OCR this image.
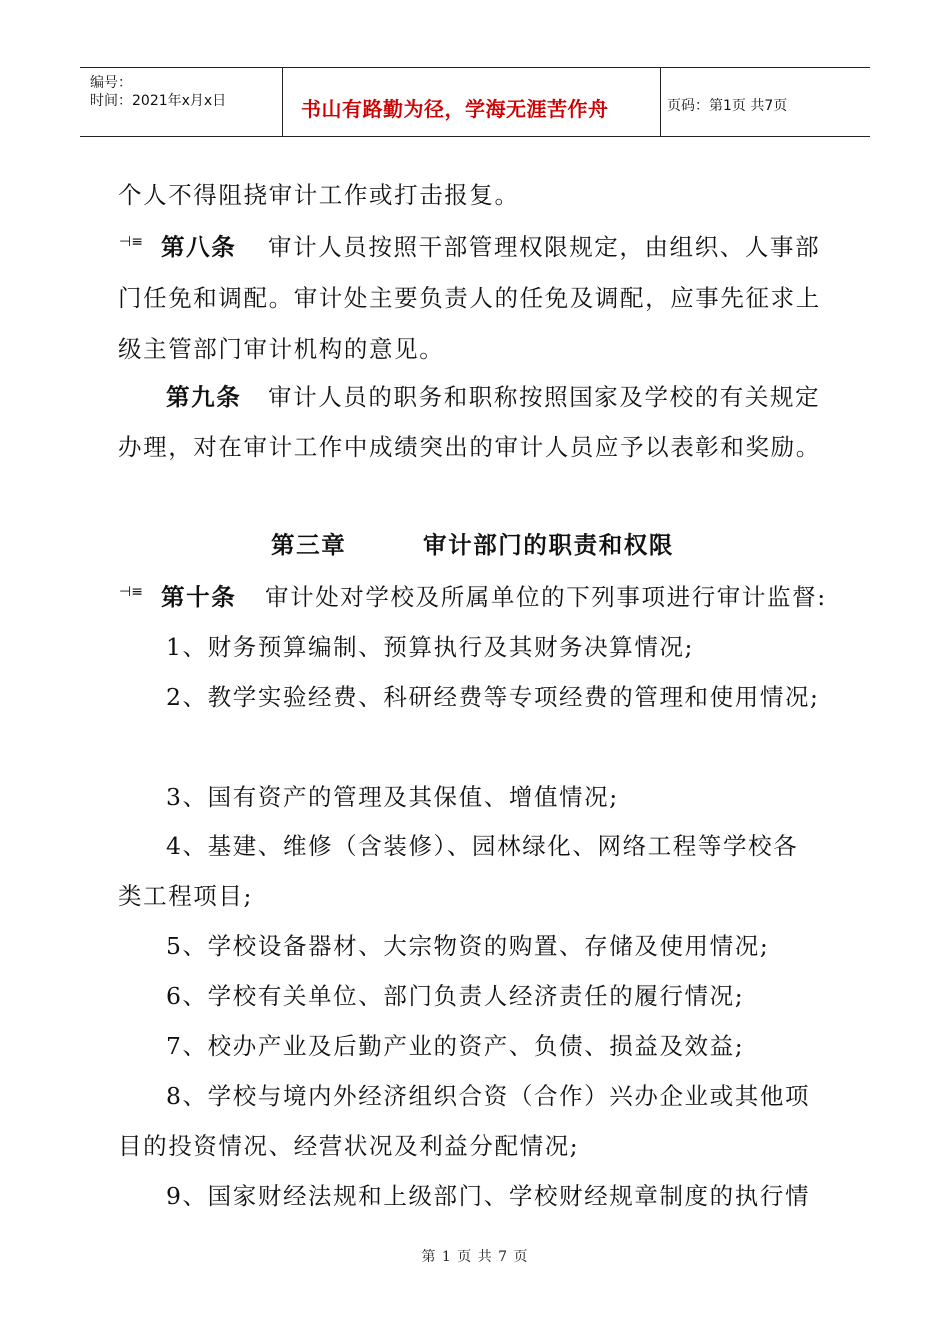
编号：
时间：2021年x月x日	书山有路勤为径，学海无涯苦作舟	页码：第1页 共7页
个人不得阻挠审计工作或打击报复。
⊣≡ 第八条 审计人员按照干部管理权限规定，由组织、人事部
门任免和调配。审计处主要负责人的任免及调配，应事先征求上
级主管部门审计机构的意见。
第九条 审计人员的职务和职称按照国家及学校的有关规定
办理，对在审计工作中成绩突出的审计人员应予以表彰和奖励。
第三章	审计部门的职责和权限
⊣≡ 第十条 审计处对学校及所属单位的下列事项进行审计监督:
1、财务预算编制、预算执行及其财务决算情况;
2、教学实验经费、科研经费等专项经费的管理和使用情况;
3、国有资产的管理及其保值、增值情况;
4、基建、维修（含装修）、园林绿化、网络工程等学校各
类工程项目;
5、学校设备器材、大宗物资的购置、存储及使用情况;
6、学校有关单位、部门负责人经济责任的履行情况;
7、校办产业及后勤产业的资产、负债、损益及效益;
8、学校与境内外经济组织合资（合作）兴办企业或其他项
目的投资情况、经营状况及利益分配情况;
9、国家财经法规和上级部门、学校财经规章制度的执行情
第 1 页 共 7 页
